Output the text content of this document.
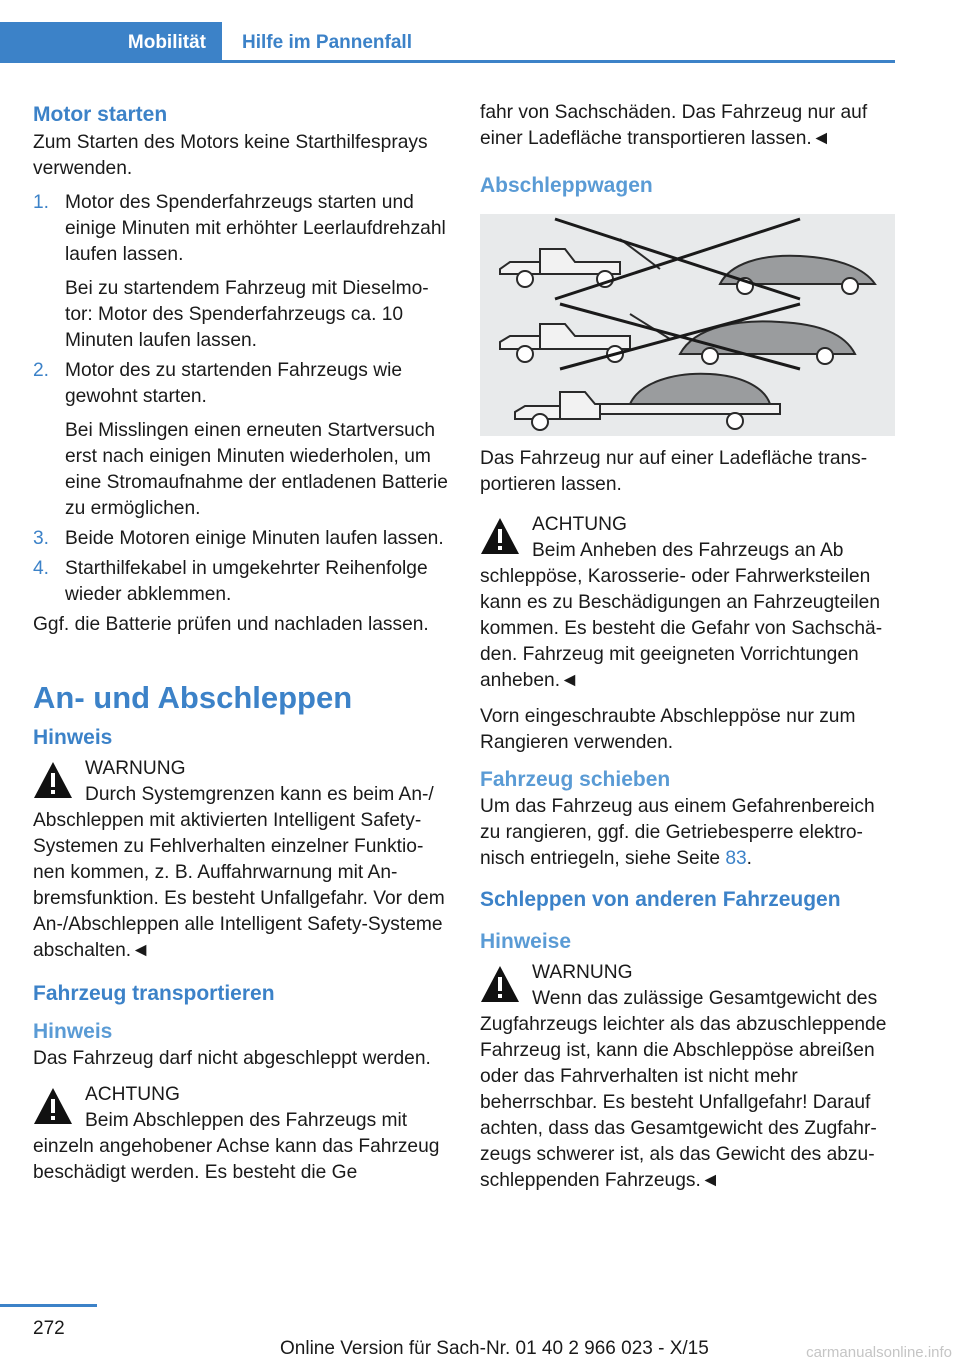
Mobilität	Hilfe im Pannenfall
Motor starten

Zum Starten des Motors keine Starthilfesprays verwenden.

1. Motor des Spenderfahrzeugs starten und einige Minuten mit erhöhter Leerlaufdrehzahl laufen lassen.

Bei zu startendem Fahrzeug mit Dieselmotor: Motor des Spenderfahrzeugs ca. 10 Minuten laufen lassen.

2. Motor des zu startenden Fahrzeugs wie gewohnt starten.

Bei Misslingen einen erneuten Startversuch erst nach einigen Minuten wiederholen, um eine Stromaufnahme der entladenen Batterie zu ermöglichen.

3. Beide Motoren einige Minuten laufen lassen.

4. Starthilfekabel in umgekehrter Reihenfolge wieder abklemmen.

Ggf. die Batterie prüfen und nachladen lassen.

An- und Abschleppen
Hinweis
WARNUNG
Durch Systemgrenzen kann es beim An-/
Abschleppen mit aktivierten Intelligent Safety-Systemen zu Fehlverhalten einzelner Funktionen kommen, z. B. Auffahrwarnung mit Anbremsfunktion. Es besteht Unfallgefahr. Vor dem An-/Abschleppen alle Intelligent Safety-Systeme abschalten.◄
Fahrzeug transportieren
Hinweis

Das Fahrzeug darf nicht abgeschleppt werden.

ACHTUNG
Beim Abschleppen des Fahrzeugs mit
einzeln angehobener Achse kann das Fahrzeug beschädigt werden. Es besteht die Ge

fahr von Sachschäden. Das Fahrzeug nur auf einer Ladefläche transportieren lassen.◄

Abschleppwagen

Das Fahrzeug nur auf einer Ladefläche transportieren lassen.

ACHTUNG
Beim Anheben des Fahrzeugs an Ab
schleppöse, Karosserie- oder Fahrwerksteilen kann es zu Beschädigungen an Fahrzeugteilen kommen. Es besteht die Gefahr von Sachschäden. Fahrzeug mit geeigneten Vorrichtungen anheben.◄

Vorn eingeschraubte Abschleppöse nur zum Rangieren verwenden.

Fahrzeug schieben

Um das Fahrzeug aus einem Gefahrenbereich zu rangieren, ggf. die Getriebesperre elektronisch entriegeln, siehe Seite 83.

Schleppen von anderen Fahrzeugen
Hinweise
WARNUNG
Wenn das zulässige Gesamtgewicht des
Zugfahrzeugs leichter als das abzuschleppende Fahrzeug ist, kann die Abschleppöse abreißen oder das Fahrverhalten ist nicht mehr beherrschbar. Es besteht Unfallgefahr! Darauf achten, dass das Gesamtgewicht des Zugfahrzeugs schwerer ist, als das Gewicht des abzuschleppenden Fahrzeugs.◄
272
Online Version für Sach-Nr. 01 40 2 966 023 - X/15	carmanualsonline.info
